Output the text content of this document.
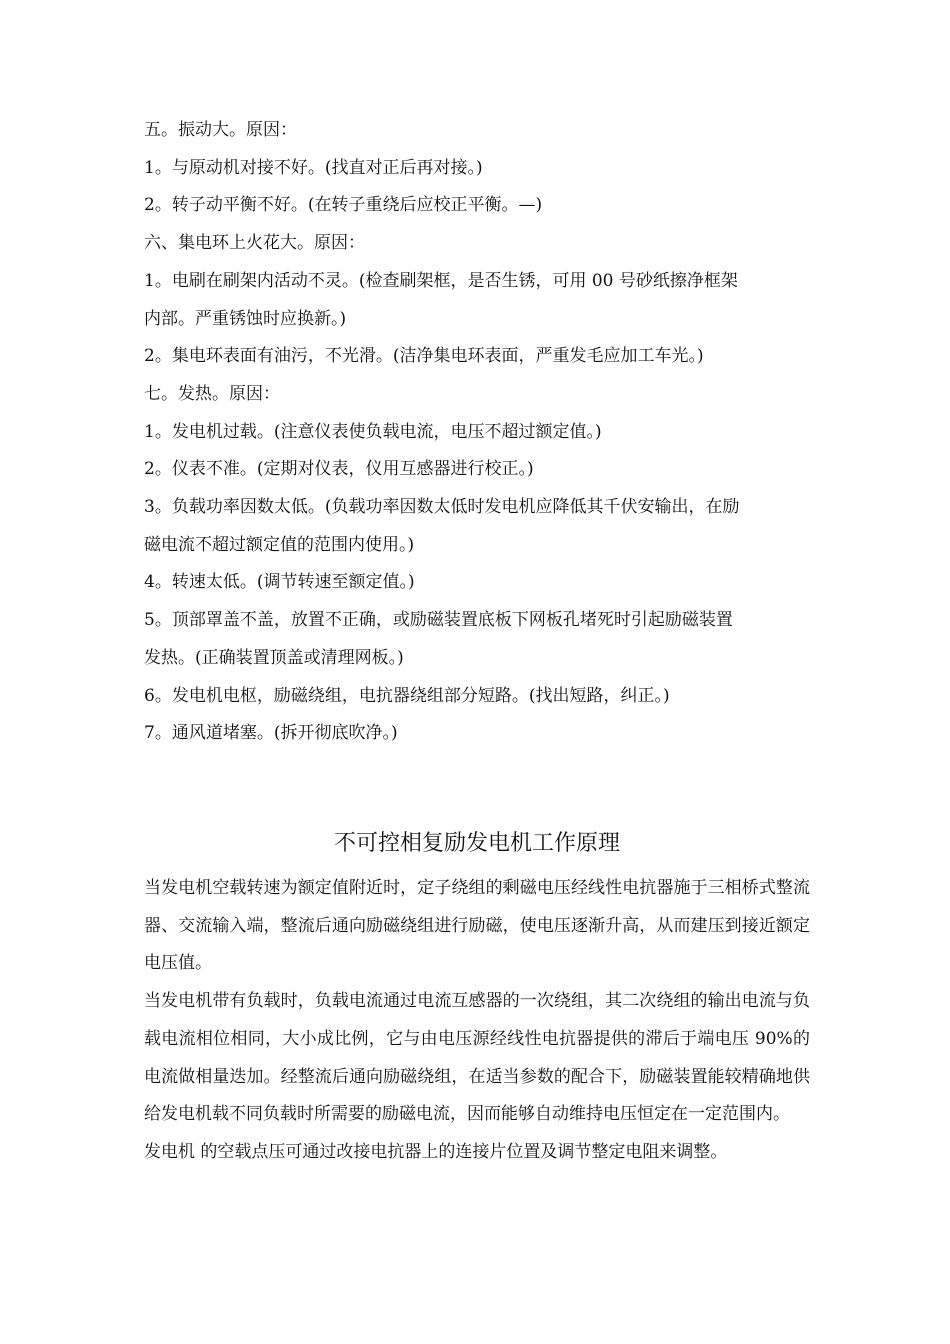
五。振动大。原因：

1。与原动机对接不好。(找直对正后再对接。)

2。转子动平衡不好。(在转子重绕后应校正平衡。—)

六、集电环上火花大。原因：

1。电刷在刷架内活动不灵。(检查刷架框，是否生锈，可用 00 号砂纸擦净框架

内部。严重锈蚀时应换新。)

2。集电环表面有油污，不光滑。(洁净集电环表面，严重发毛应加工车光。)

七。发热。原因：

1。发电机过载。(注意仪表使负载电流，电压不超过额定值。)

2。仪表不准。(定期对仪表，仪用互感器进行校正。)

3。负载功率因数太低。(负载功率因数太低时发电机应降低其千伏安输出，在励

磁电流不超过额定值的范围内使用。)

4。转速太低。(调节转速至额定值。)

5。顶部罩盖不盖，放置不正确，或励磁装置底板下网板孔堵死时引起励磁装置

发热。(正确装置顶盖或清理网板。)

6。发电机电枢，励磁绕组，电抗器绕组部分短路。(找出短路，纠正。)

7。通风道堵塞。(拆开彻底吹净。)

不可控相复励发电机工作原理

当发电机空载转速为额定值附近时，定子绕组的剩磁电压经线性电抗器施于三相桥式整流器、交流输入端，整流后通向励磁绕组进行励磁，使电压逐渐升高，从而建压到接近额定电压值。

当发电机带有负载时，负载电流通过电流互感器的一次绕组，其二次绕组的输出电流与负载电流相位相同，大小成比例，它与由电压源经线性电抗器提供的滞后于端电压 90%的电流做相量迭加。经整流后通向励磁绕组，在适当参数的配合下，励磁装置能较精确地供给发电机载不同负载时所需要的励磁电流，因而能够自动维持电压恒定在一定范围内。

发电机 的空载点压可通过改接电抗器上的连接片位置及调节整定电阻来调整。
